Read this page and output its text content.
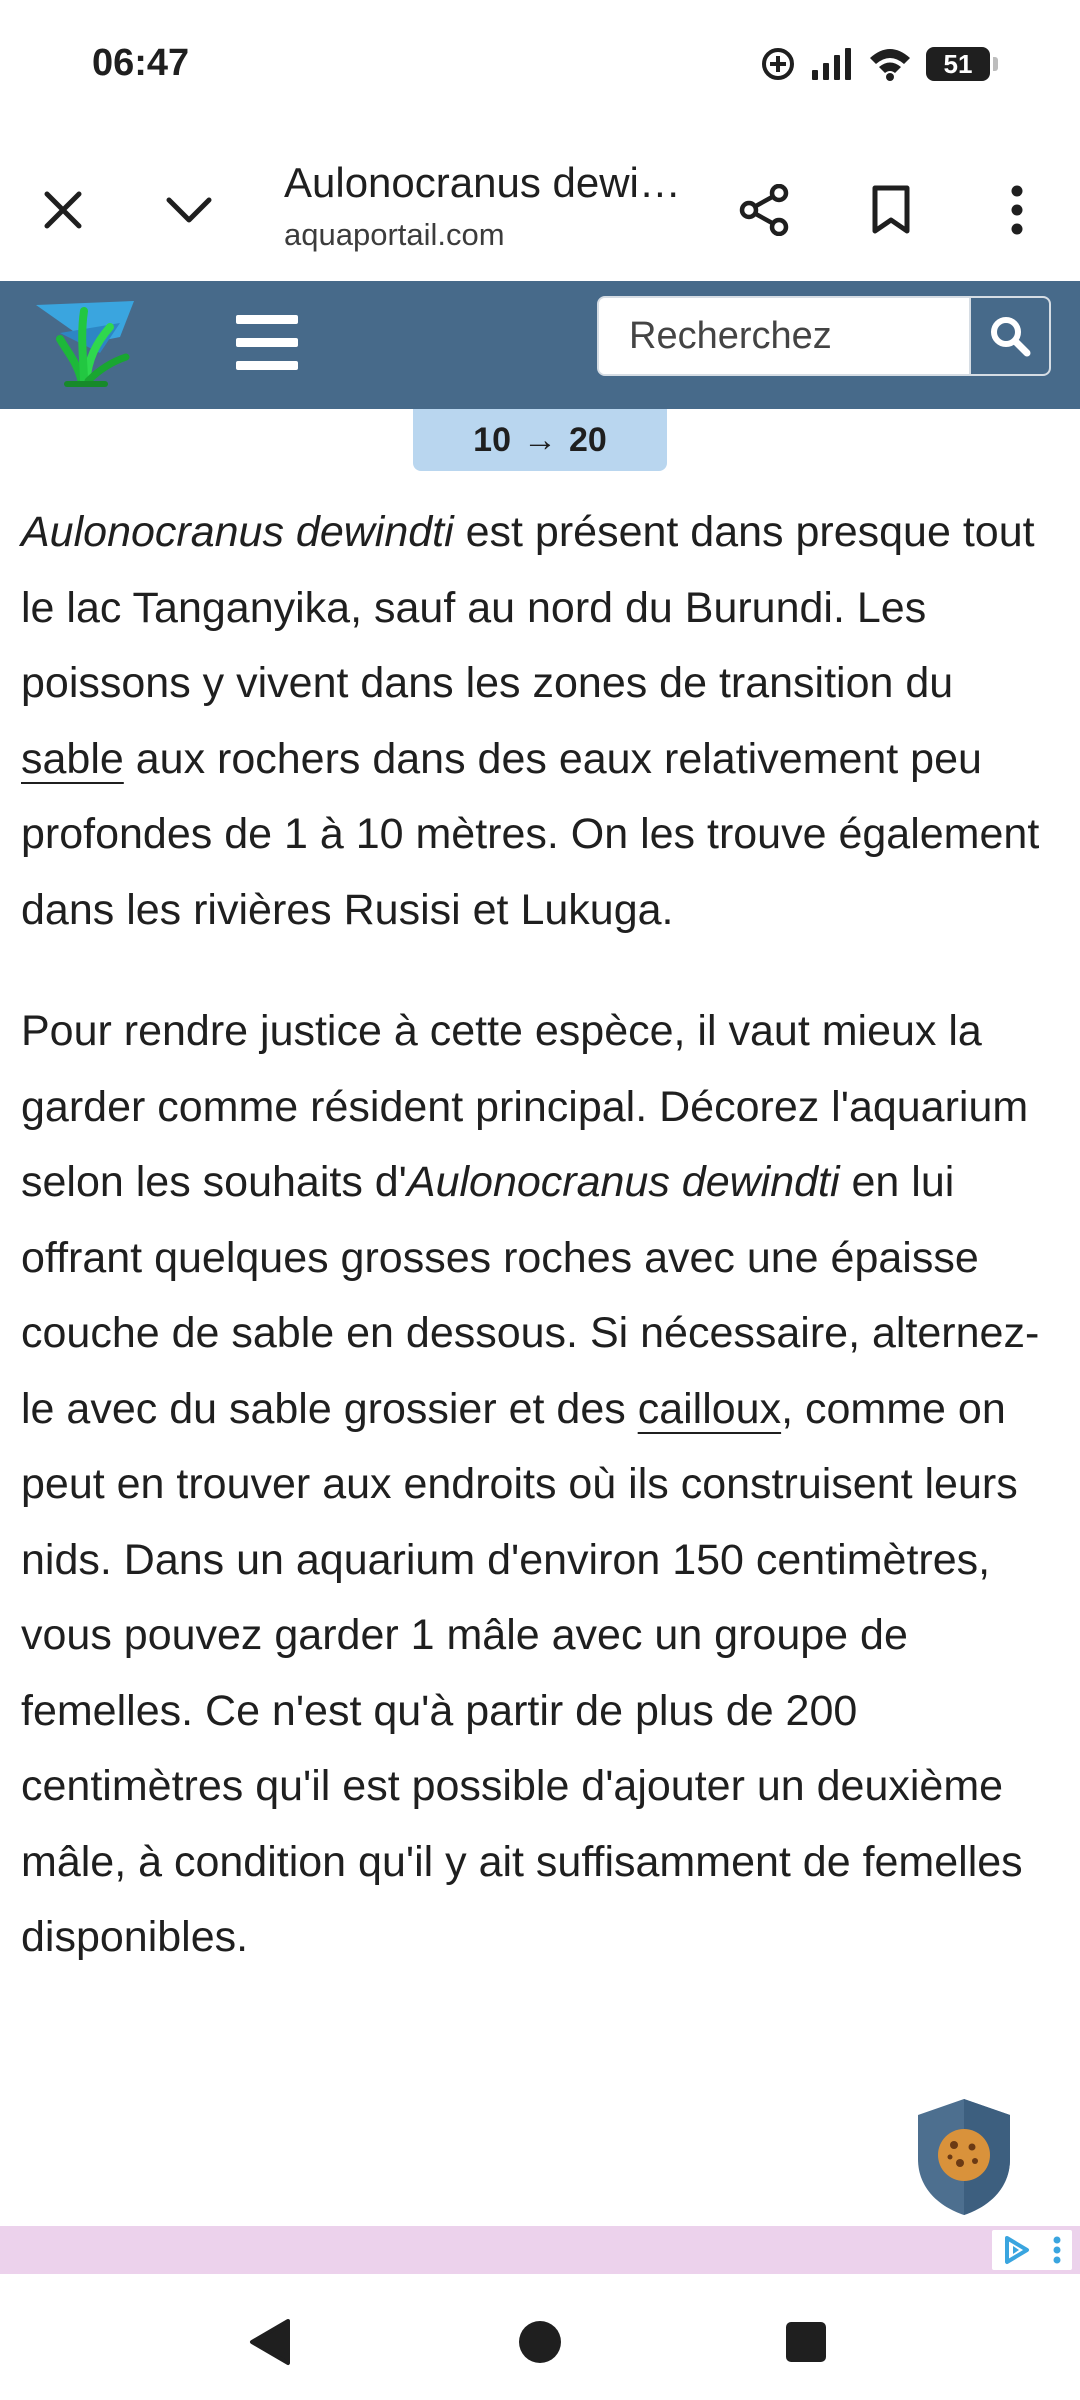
06:47	51
Aulonocranus dewi…
aquaportail.com
Recherchez
10 → 20

Aulonocranus dewindti est présent dans presque tout le lac Tanganyika, sauf au nord du Burundi. Les poissons y vivent dans les zones de transition du sable aux rochers dans des eaux relativement peu profondes de 1 à 10 mètres. On les trouve également dans les rivières Rusisi et Lukuga.

Pour rendre justice à cette espèce, il vaut mieux la garder comme résident principal. Décorez l'aquarium selon les souhaits d'Aulonocranus dewindti en lui offrant quelques grosses roches avec une épaisse couche de sable en dessous. Si nécessaire, alternez-le avec du sable grossier et des cailloux, comme on peut en trouver aux endroits où ils construisent leurs nids. Dans un aquarium d'environ 150 centimètres, vous pouvez garder 1 mâle avec un groupe de femelles. Ce n'est qu'à partir de plus de 200 centimètres qu'il est possible d'ajouter un deuxième mâle, à condition qu'il y ait suffisamment de femelles disponibles.
